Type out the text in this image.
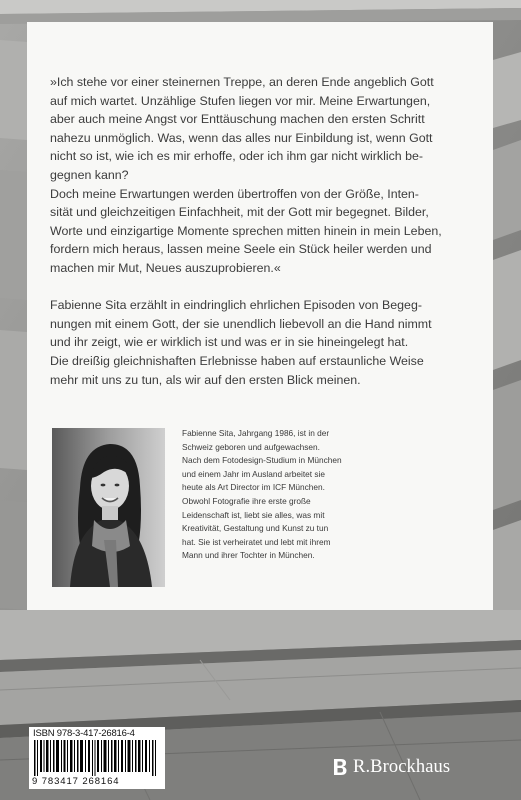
»Ich stehe vor einer steinernen Treppe, an deren Ende angeblich Gott
auf mich wartet. Unzählige Stufen liegen vor mir. Meine Erwartungen,
aber auch meine Angst vor Enttäuschung machen den ersten Schritt
nahezu unmöglich. Was, wenn das alles nur Einbildung ist, wenn Gott
nicht so ist, wie ich es mir erhoffe, oder ich ihm gar nicht wirklich be-
gegnen kann?
Doch meine Erwartungen werden übertroffen von der Größe, Inten-
sität und gleichzeitigen Einfachheit, mit der Gott mir begegnet. Bilder,
Worte und einzigartige Momente sprechen mitten hinein in mein Leben,
fordern mich heraus, lassen meine Seele ein Stück heiler werden und
machen mir Mut, Neues auszuprobieren.«

Fabienne Sita erzählt in eindringlich ehrlichen Episoden von Begeg-
nungen mit einem Gott, der sie unendlich liebevoll an die Hand nimmt
und ihr zeigt, wie er wirklich ist und was er in sie hineingelegt hat.
Die dreißig gleichnishaften Erlebnisse haben auf erstaunliche Weise
mehr mit uns zu tun, als wir auf den ersten Blick meinen.

Fabienne Sita, Jahrgang 1986, ist in der
Schweiz geboren und aufgewachsen.
Nach dem Fotodesign-Studium in München
und einem Jahr im Ausland arbeitet sie
heute als Art Director im ICF München.
Obwohl Fotografie ihre erste große
Leidenschaft ist, liebt sie alles, was mit
Kreativität, Gestaltung und Kunst zu tun
hat. Sie ist verheiratet und lebt mit ihrem
Mann und ihrer Tochter in München.

ISBN 978-3-417-26816-4
9 783417 268164
R.Brockhaus
